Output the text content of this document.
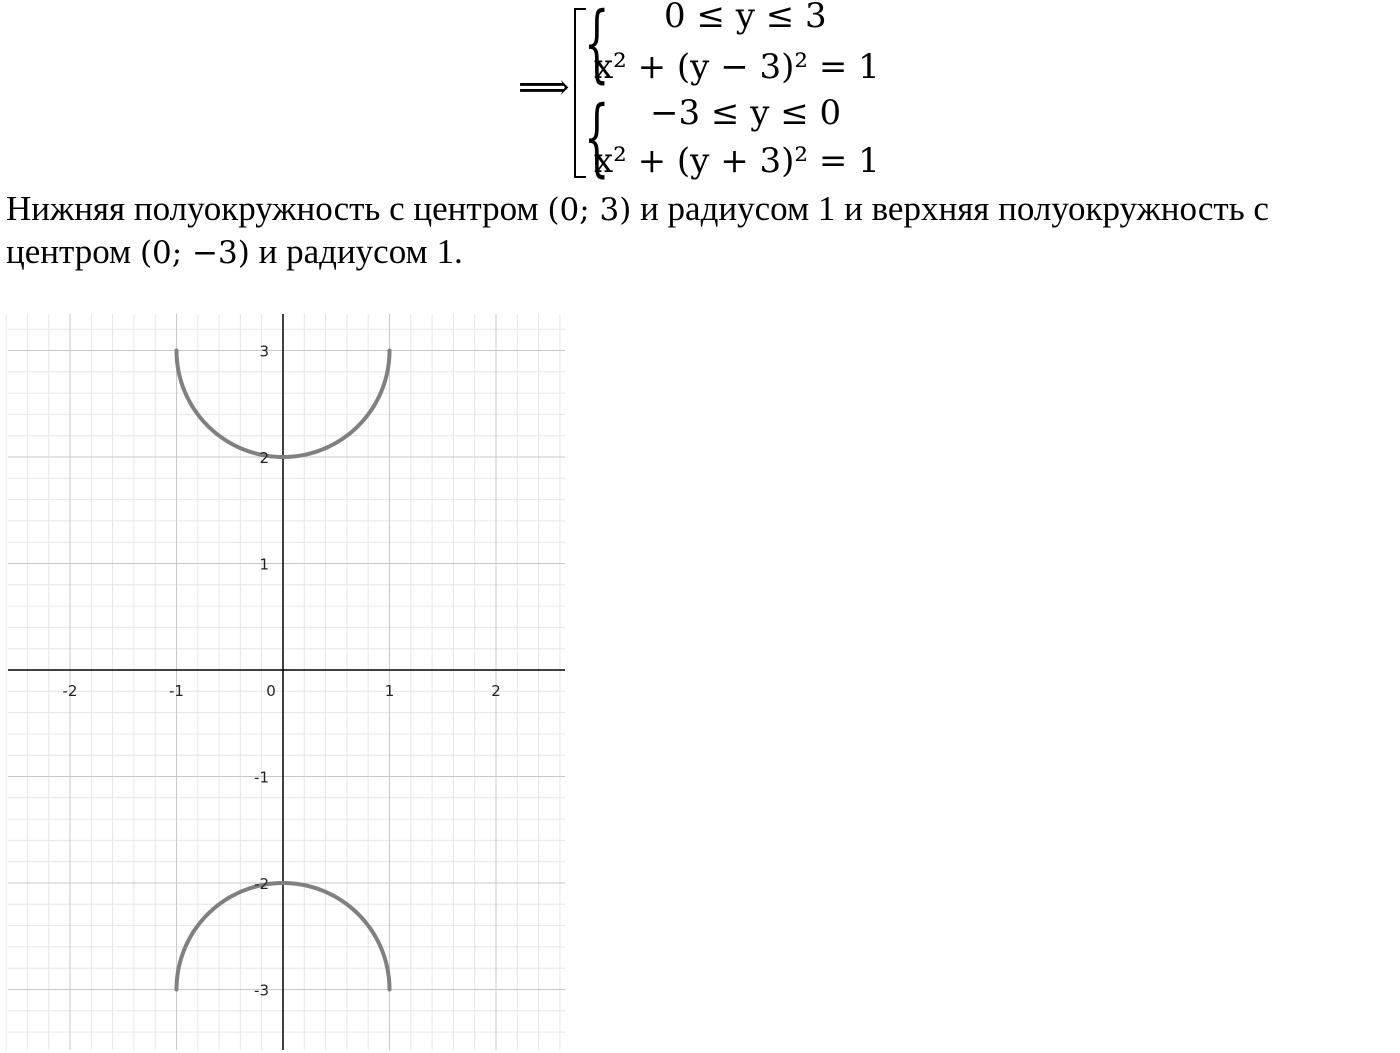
⟹ {
{
0 ≤ y ≤ 3
x² + (y − 3)² = 1
−3 ≤ y ≤ 0
x² + (y + 3)² = 1
Нижняя полуокружность с центром (0; 3) и радиусом 1 и верхняя полуокружность с центром (0; −3) и радиусом 1.
-2	-1	0	1	2
3
2
1
-1
-2
-3
